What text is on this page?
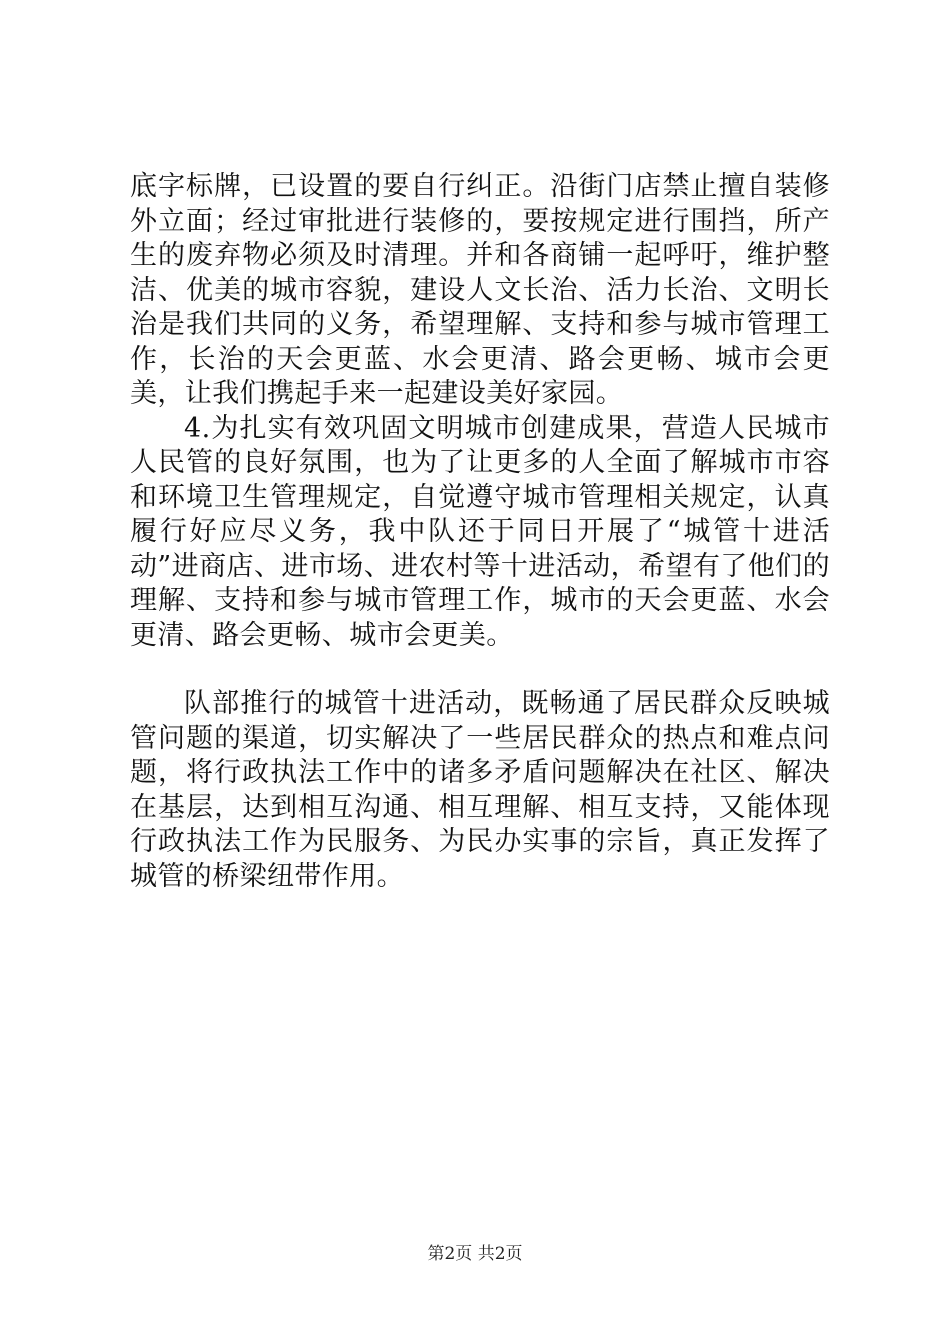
底字标牌，已设置的要自行纠正。沿街门店禁止擅自装修外立面；经过审批进行装修的，要按规定进行围挡，所产生的废弃物必须及时清理。并和各商铺一起呼吁，维护整洁、优美的城市容貌，建设人文长治、活力长治、文明长治是我们共同的义务，希望理解、支持和参与城市管理工作，长治的天会更蓝、水会更清、路会更畅、城市会更美，让我们携起手来一起建设美好家园。

4.为扎实有效巩固文明城市创建成果，营造人民城市人民管的良好氛围，也为了让更多的人全面了解城市市容和环境卫生管理规定，自觉遵守城市管理相关规定，认真履行好应尽义务，我中队还于同日开展了“城管十进活动”进商店、进市场、进农村等十进活动，希望有了他们的理解、支持和参与城市管理工作，城市的天会更蓝、水会更清、路会更畅、城市会更美。

队部推行的城管十进活动，既畅通了居民群众反映城管问题的渠道，切实解决了一些居民群众的热点和难点问题，将行政执法工作中的诸多矛盾问题解决在社区、解决在基层，达到相互沟通、相互理解、相互支持，又能体现行政执法工作为民服务、为民办实事的宗旨，真正发挥了城管的桥梁纽带作用。

第2页 共2页
